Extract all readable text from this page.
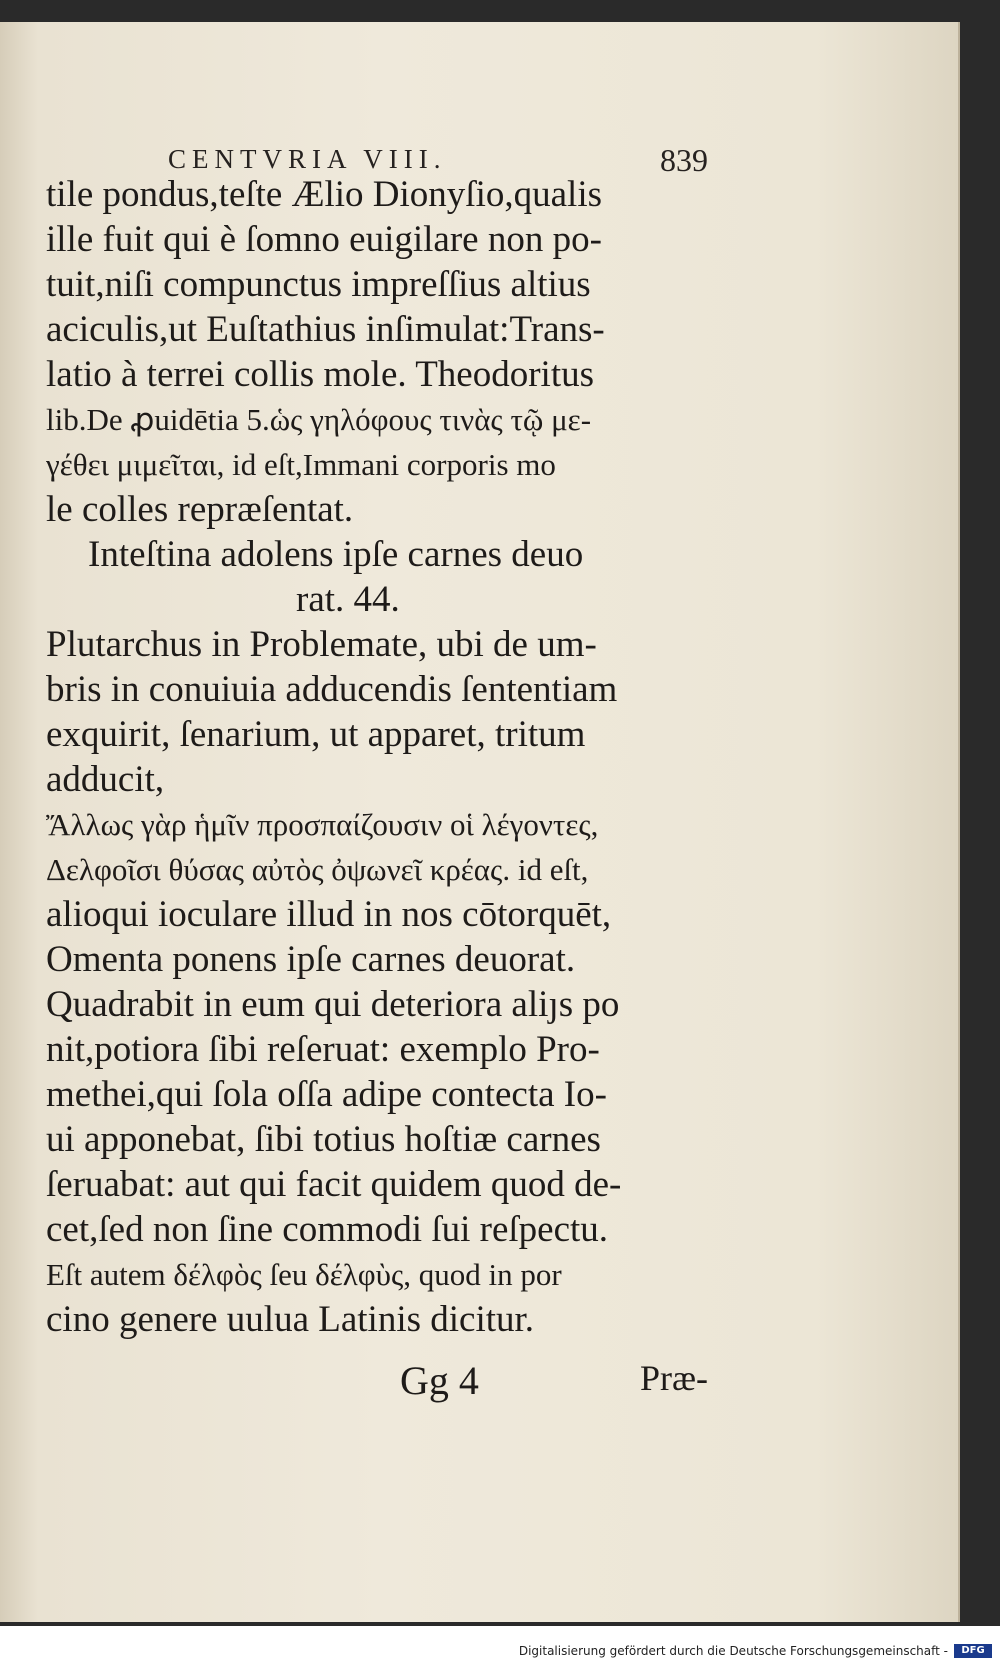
CENTVRIA VIII.	839
tile pondus,teſte Ælio Dionyſio,qualis
ille fuit qui è ſomno euigilare non po-
tuit,niſi compunctus impreſſius altius
aciculis,ut Euſtathius inſimulat:Trans-
latio à terrei collis mole. Theodoritus
lib.De ꝓuidētia 5.ὡς γηλόφους τινὰς τῷ με-
γέθει μιμεῖται, id eſt,Immani corporis mo
le colles repræſentat.
Inteſtina adolens ipſe carnes deuo
rat. 44.
Plutarchus in Problemate, ubi de um-
bris in conuiuia adducendis ſententiam
exquirit, ſenarium, ut apparet, tritum
adducit,
Ἄλλως γὰρ ἡμῖν προσπαίζουσιν οἱ λέγοντες,
Δελφοῖσι θύσας αὐτὸς ὀψωνεῖ κρέας. id eſt,
alioqui ioculare illud in nos cōtorquēt,
Omenta ponens ipſe carnes deuorat.
Quadrabit in eum qui deteriora aliȷs po
nit,potiora ſibi reſeruat: exemplo Pro-
methei,qui ſola oſſa adipe contecta Io-
ui apponebat, ſibi totius hoſtiæ carnes
ſeruabat: aut qui facit quidem quod de-
cet,ſed non ſine commodi ſui reſpectu.
Eſt autem δέλφὸς ſeu δέλφὺς, quod in por
cino genere uulua Latinis dicitur.
Gg 4	Præ-
Digitalisierung gefördert durch die Deutsche Forschungsgemeinschaft -	DFG
